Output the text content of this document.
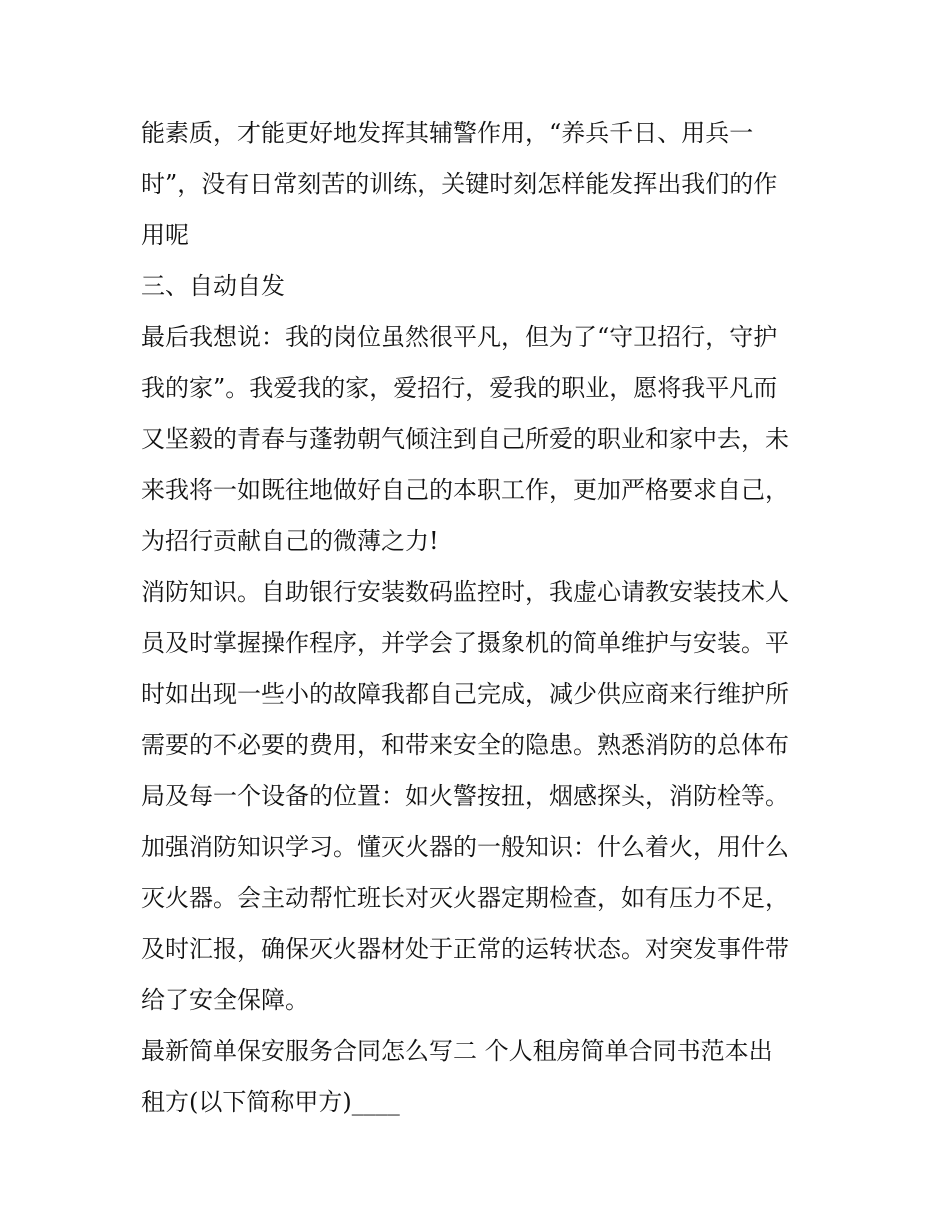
能素质，才能更好地发挥其辅警作用，“养兵千日、用兵一
时”，没有日常刻苦的训练，关键时刻怎样能发挥出我们的作
用呢
三、自动自发
最后我想说：我的岗位虽然很平凡，但为了“守卫招行，守护
我的家”。我爱我的家，爱招行，爱我的职业，愿将我平凡而
又坚毅的青春与蓬勃朝气倾注到自己所爱的职业和家中去，未
来我将一如既往地做好自己的本职工作，更加严格要求自己，
为招行贡献自己的微薄之力!
消防知识。自助银行安装数码监控时，我虚心请教安装技术人
员及时掌握操作程序，并学会了摄象机的简单维护与安装。平
时如出现一些小的故障我都自己完成，减少供应商来行维护所
需要的不必要的费用，和带来安全的隐患。熟悉消防的总体布
局及每一个设备的位置：如火警按扭，烟感探头，消防栓等。
加强消防知识学习。懂灭火器的一般知识：什么着火，用什么
灭火器。会主动帮忙班长对灭火器定期检查，如有压力不足，
及时汇报，确保灭火器材处于正常的运转状态。对突发事件带
给了安全保障。
最新简单保安服务合同怎么写二 个人租房简单合同书范本出
租方(以下简称甲方)____
